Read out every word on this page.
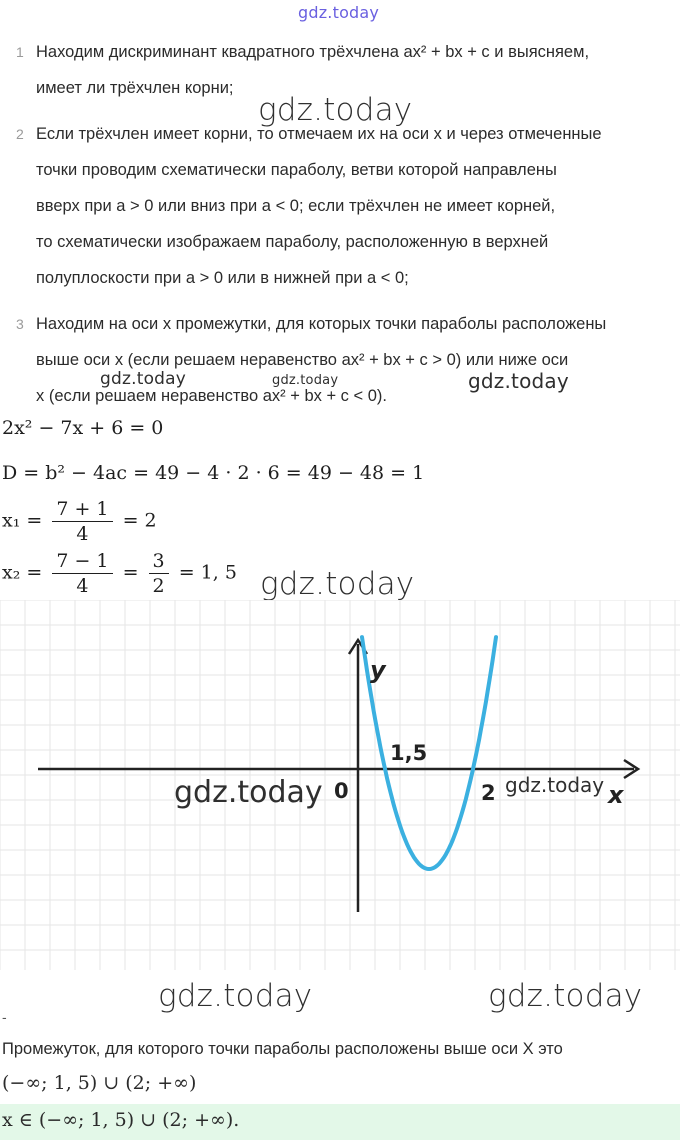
gdz.today
gdz.today
gdz.today	gdz.today	gdz.today
gdz.today
1 Находим дискриминант квадратного трёхчлена ax² + bx + c и выясняем,
имеет ли трёхчлен корни;
2 Если трёхчлен имеет корни, то отмечаем их на оси x и через отмеченные
точки проводим схематически параболу, ветви которой направлены
вверх при a > 0 или вниз при a < 0; если трёхчлен не имеет корней,
то схематически изображаем параболу, расположенную в верхней
полуплоскости при a > 0 или в нижней при a < 0;
3 Находим на оси x промежутки, для которых точки параболы расположены
выше оси x (если решаем неравенство ax² + bx + c > 0) или ниже оси
x (если решаем неравенство ax² + bx + c < 0).
2x² − 7x + 6 = 0
D = b² − 4ac = 49 − 4 · 2 · 6 = 49 − 48 = 1
$x_1 = \frac{7 + 1}{4} = 2$
$x_2 = \frac{7 - 1}{4} = \frac{3}{2} = 1$, 5
y
x
0
1,5
2
gdz.today	gdz.today
gdz.today	gdz.today
-
Промежуток, для которого точки параболы расположены выше оси X это
(−∞; 1, 5) ∪ (2; +∞)
x ∈ (−∞; 1, 5) ∪ (2; +∞).
